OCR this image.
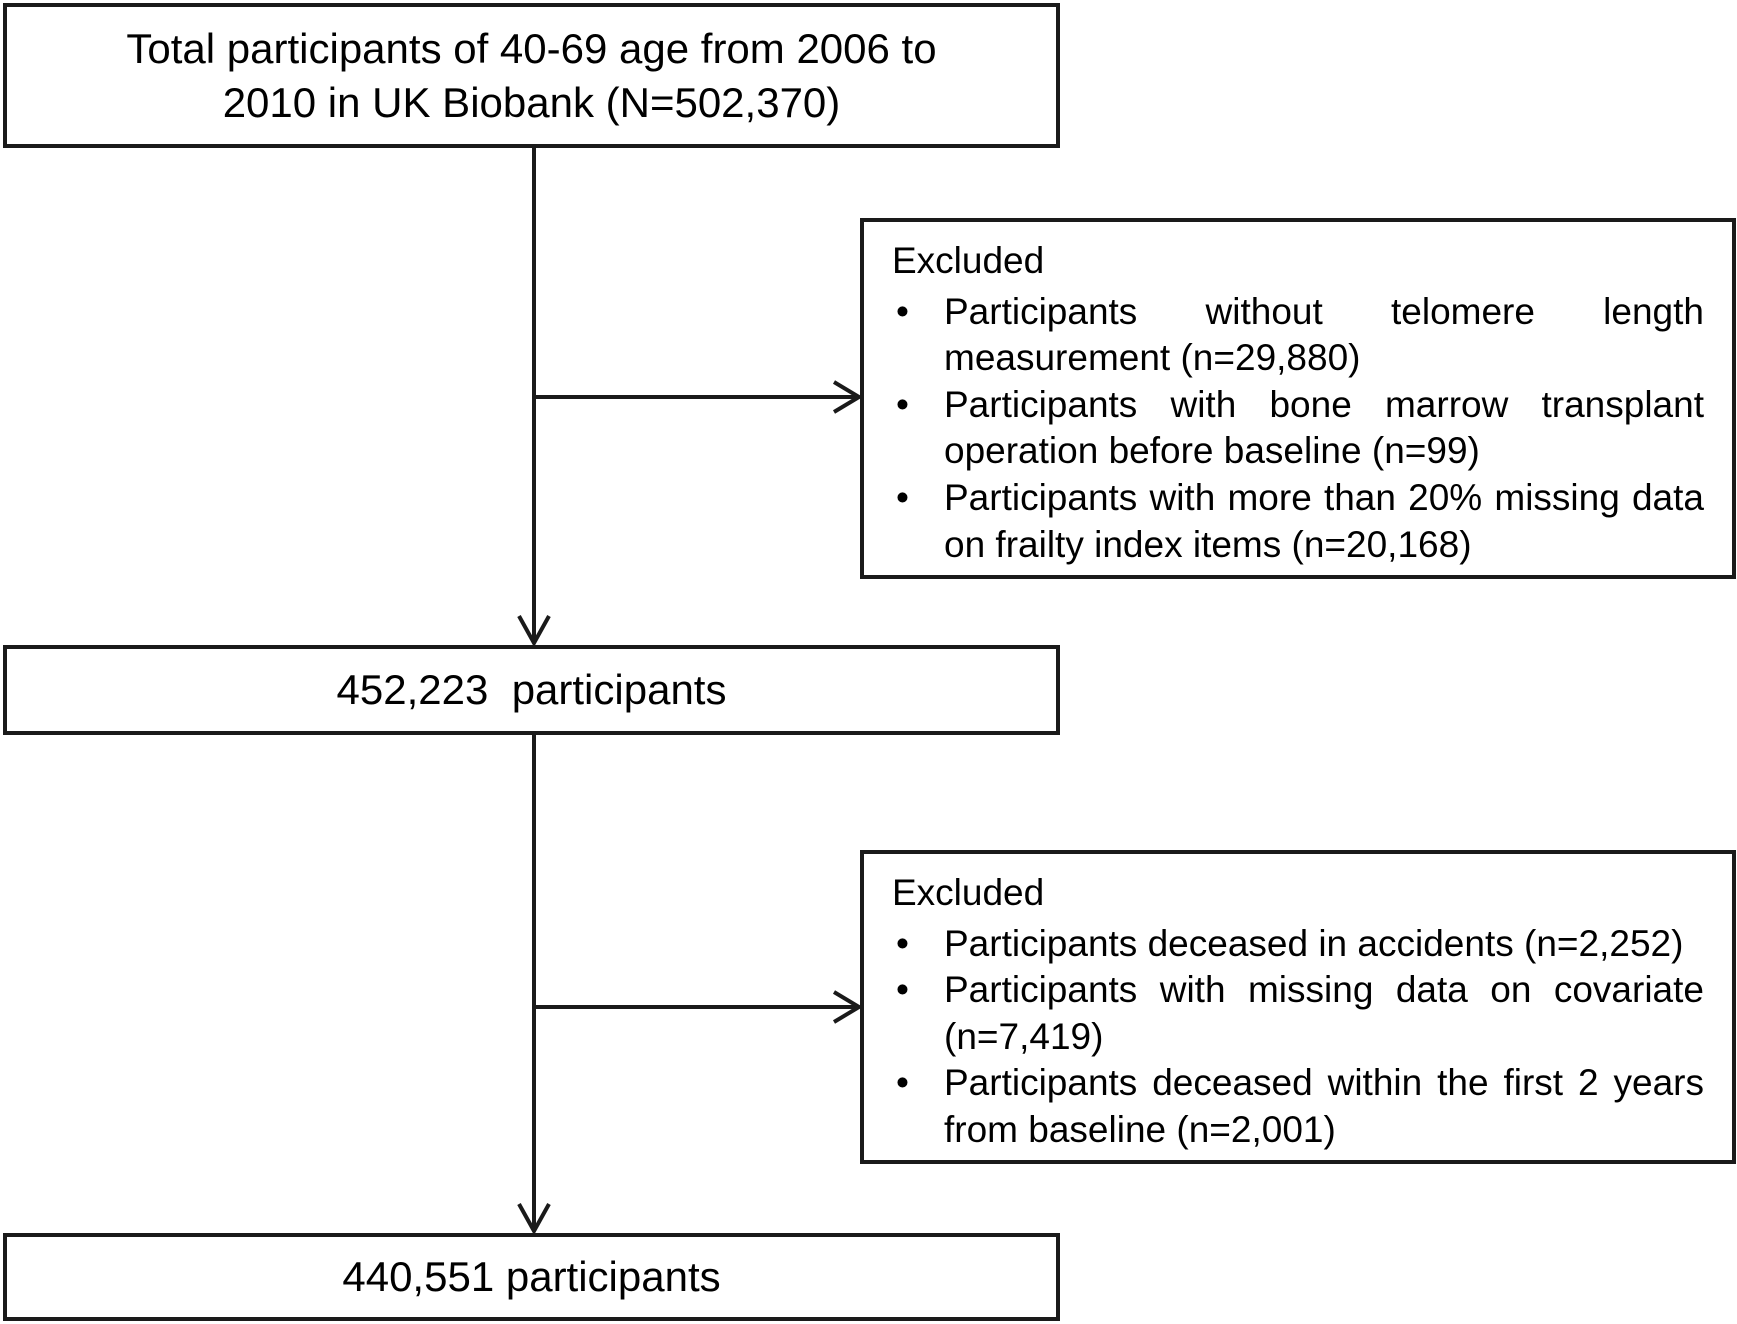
Total participants of 40-69 age from 2006 to
2010 in UK Biobank (N=502,370)
Excluded
• Participants without telomere length measurement (n=29,880)
• Participants with bone marrow transplant operation before baseline (n=99)
• Participants with more than 20% missing data on frailty index items (n=20,168)
452,223  participants
Excluded
• Participants deceased in accidents (n=2,252)
• Participants with missing data on covariate (n=7,419)
• Participants deceased within the first 2 years from baseline (n=2,001)
440,551 participants
